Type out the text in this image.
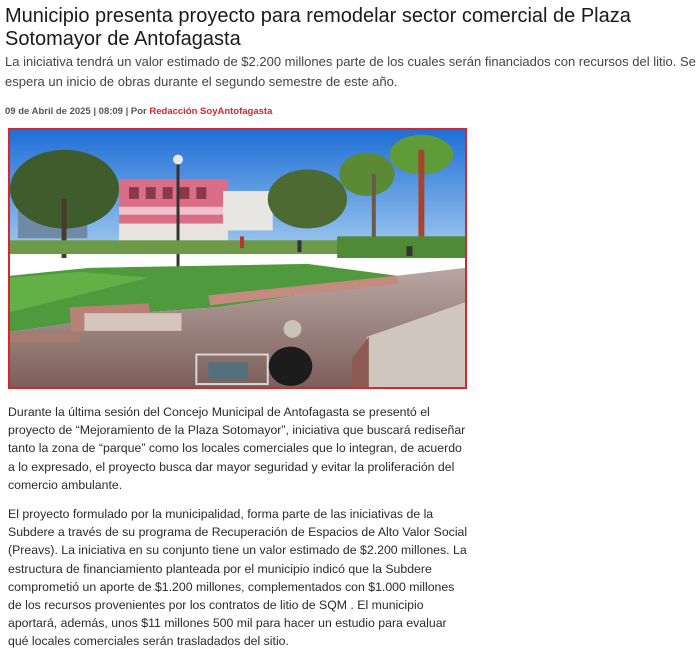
Municipio presenta proyecto para remodelar sector comercial de Plaza Sotomayor de Antofagasta

La iniciativa tendrá un valor estimado de $2.200 millones parte de los cuales serán financiados con recursos del litio. Se espera un inicio de obras durante el segundo semestre de este año.

09 de Abril de 2025 | 08:09 | Por Redacción SoyAntofagasta

Durante la última sesión del Concejo Municipal de Antofagasta se presentó el proyecto de “Mejoramiento de la Plaza Sotomayor”, iniciativa que buscará rediseñar tanto la zona de “parque” como los locales comerciales que lo integran, de acuerdo a lo expresado, el proyecto busca dar mayor seguridad y evitar la proliferación del comercio ambulante.

El proyecto formulado por la municipalidad, forma parte de las iniciativas de la Subdere a través de su programa de Recuperación de Espacios de Alto Valor Social (Preavs). La iniciativa en su conjunto tiene un valor estimado de $2.200 millones. La estructura de financiamiento planteada por el municipio indicó que la Subdere comprometió un aporte de $1.200 millones, complementados con $1.000 millones de los recursos provenientes por los contratos de litio de SQM . El municipio aportará, además, unos $11 millones 500 mil para hacer un estudio para evaluar qué locales comerciales serán trasladados del sitio.
